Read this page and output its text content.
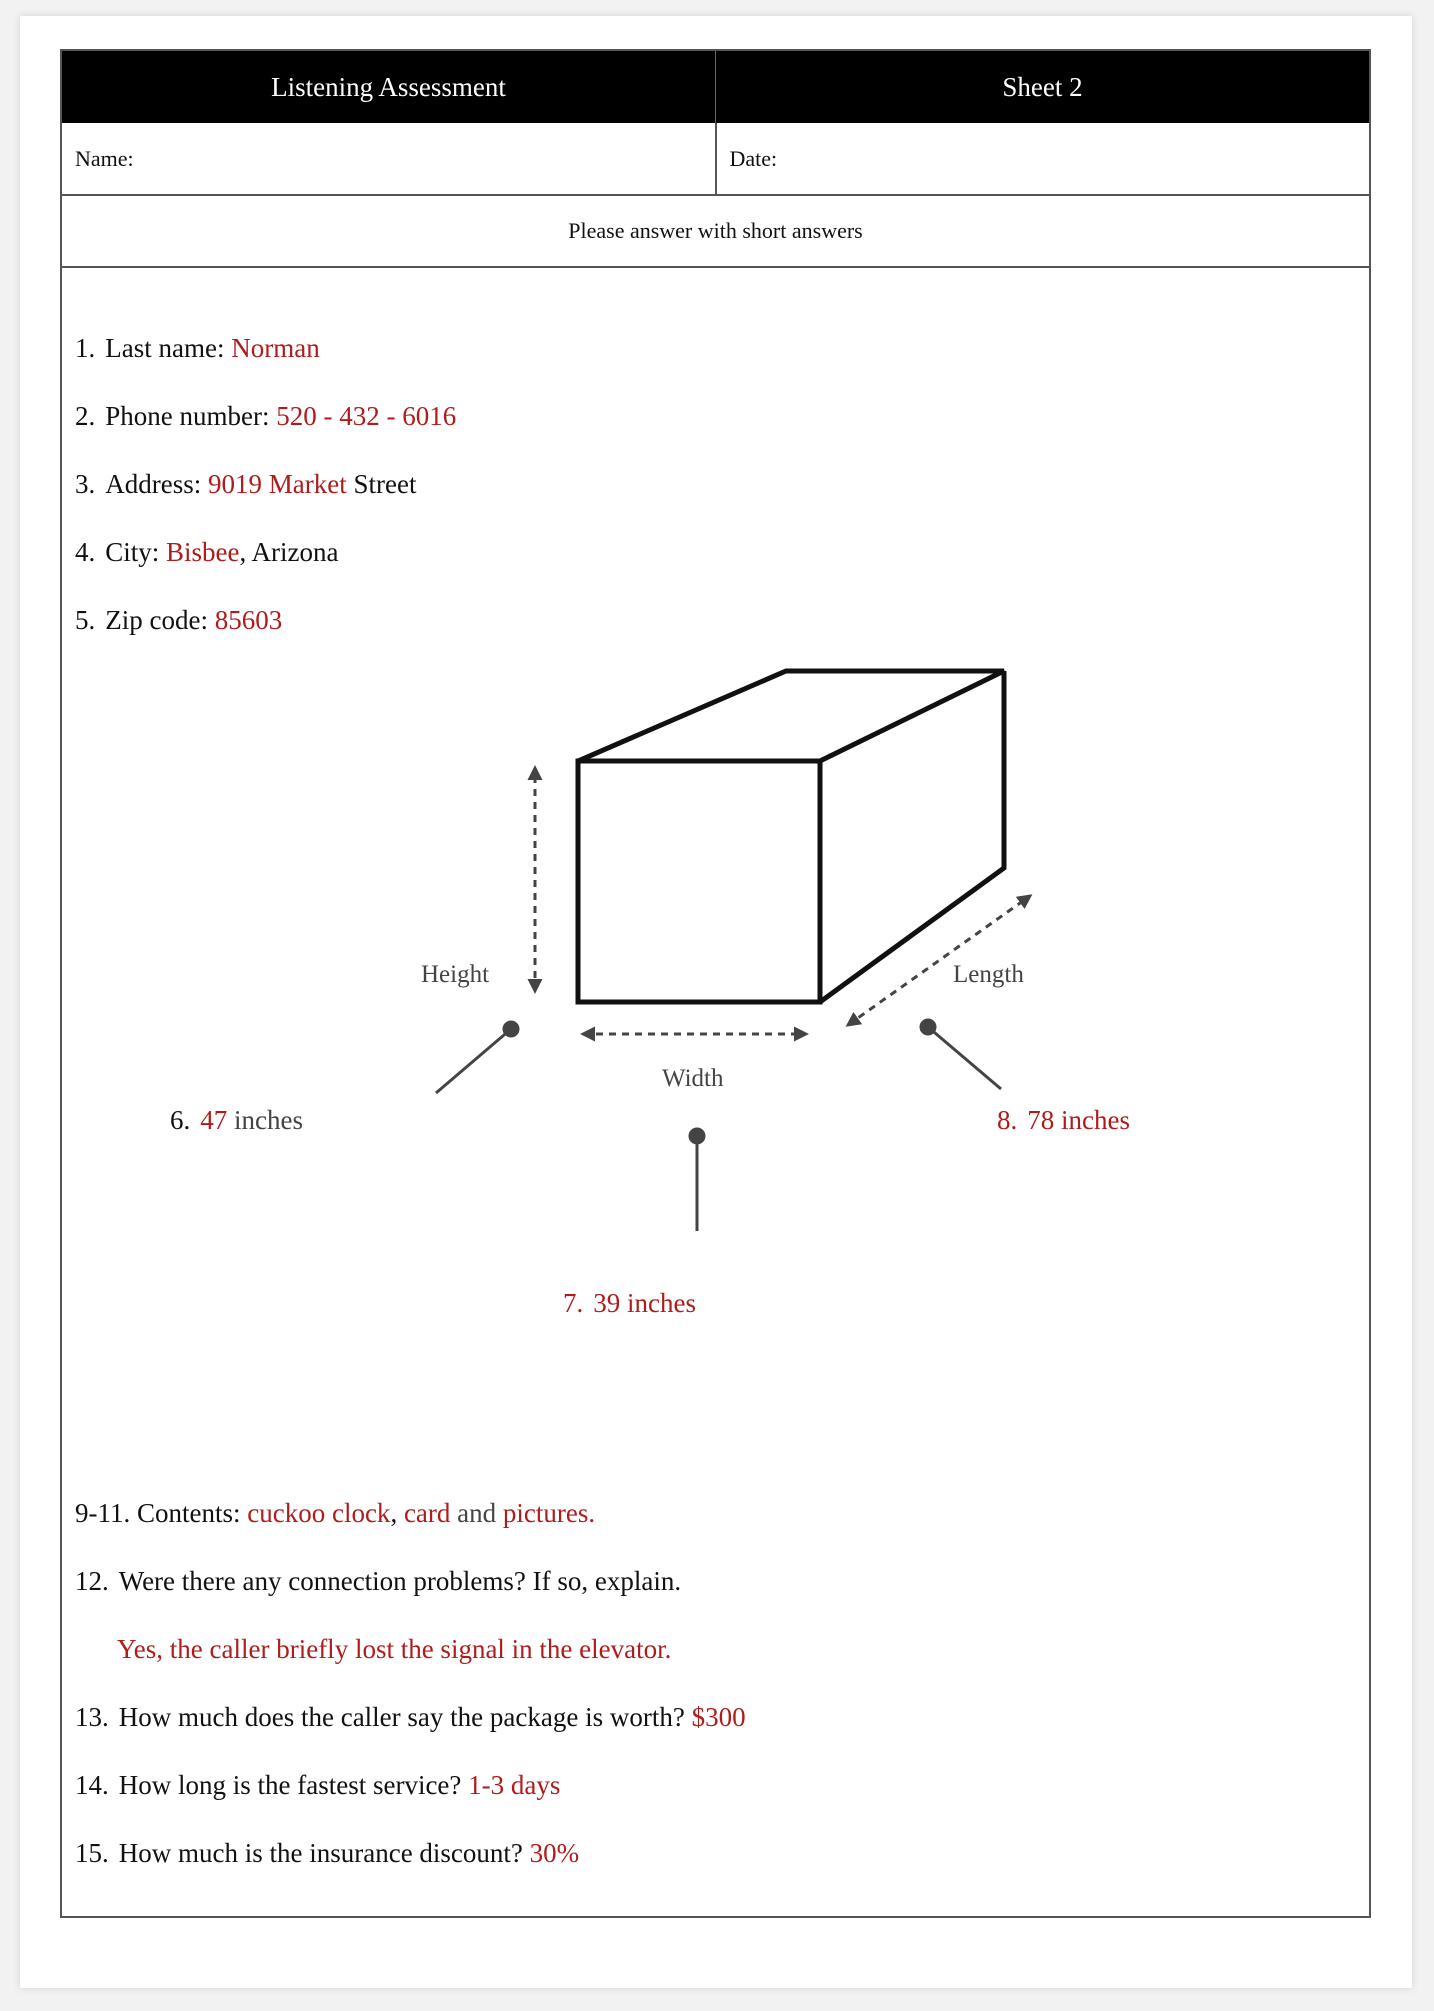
Listening Assessment	Sheet 2
Name:	Date:
Please answer with short answers
1. Last name: Norman
2. Phone number: 520 - 432 - 6016
3. Address: 9019 Market Street
4. City: Bisbee, Arizona
5. Zip code: 85603
Height
Width
Length
6. 47 inches
7. 39 inches
8. 78 inches
9-11. Contents: cuckoo clock, card and pictures.
12. Were there any connection problems? If so, explain.
Yes, the caller briefly lost the signal in the elevator.
13. How much does the caller say the package is worth? $300
14. How long is the fastest service? 1-3 days
15. How much is the insurance discount? 30%
